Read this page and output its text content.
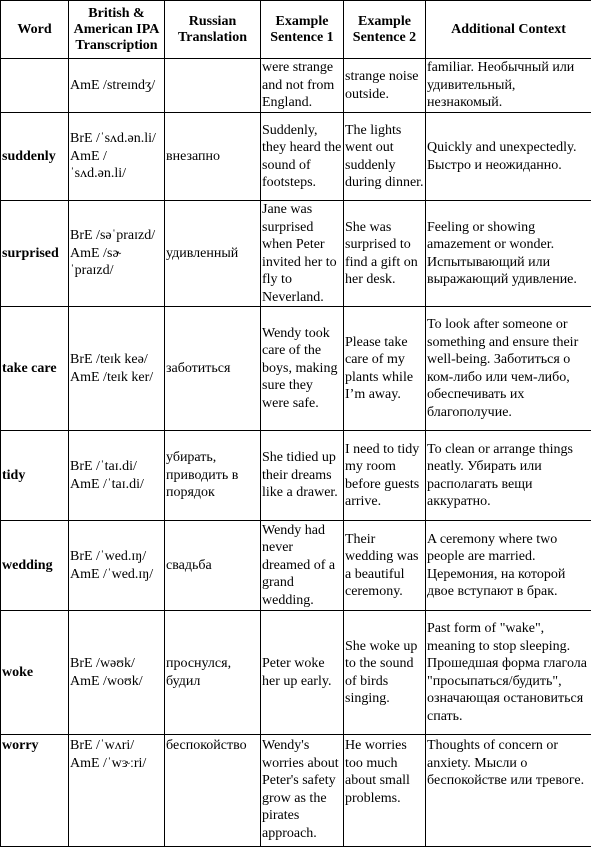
Word	British & American IPA Transcription	Russian Translation	Example Sentence 1	Example Sentence 2	Additional Context
	AmE /streɪndʒ/		were strange and not from England.	strange noise outside.	familiar. Необычный или удивительный, незнакомый.
suddenly	BrE /ˈsʌd.ən.li/ AmE / ˈsʌd.ən.li/	внезапно	Suddenly, they heard the sound of footsteps.	The lights went out suddenly during dinner.	Quickly and unexpectedly. Быстро и неожиданно.
surprised	BrE /səˈpraɪzd/ AmE /sɚ ˈpraɪzd/	удивленный	Jane was surprised when Peter invited her to fly to Neverland.	She was surprised to find a gift on her desk.	Feeling or showing amazement or wonder. Испытывающий или выражающий удивление.
take care	BrE /teɪk keə/ AmE /teɪk ker/	заботиться	Wendy took care of the boys, making sure they were safe.	Please take care of my plants while I’m away.	To look after someone or something and ensure their well-being. Заботиться о ком-либо или чем-либо, обеспечивать их благополучие.
tidy	BrE /ˈtaɪ.di/ AmE /ˈtaɪ.di/	убирать, приводить в порядок	She tidied up their dreams like a drawer.	I need to tidy my room before guests arrive.	To clean or arrange things neatly. Убирать или располагать вещи аккуратно.
wedding	BrE /ˈwed.ɪŋ/ AmE /ˈwed.ɪŋ/	свадьба	Wendy had never dreamed of a grand wedding.	Their wedding was a beautiful ceremony.	A ceremony where two people are married. Церемония, на которой двое вступают в брак.
woke	BrE /wəʊk/ AmE /woʊk/	проснулся, будил	Peter woke her up early.	She woke up to the sound of birds singing.	Past form of "wake", meaning to stop sleeping. Прошедшая форма глагола "просыпаться/будить", означающая остановиться спать.
worry	BrE /ˈwʌri/ AmE /ˈwɝːri/	беспокойство	Wendy's worries about Peter's safety grow as the pirates approach.	He worries too much about small problems.	Thoughts of concern or anxiety. Мысли о беспокойстве или тревоге.
